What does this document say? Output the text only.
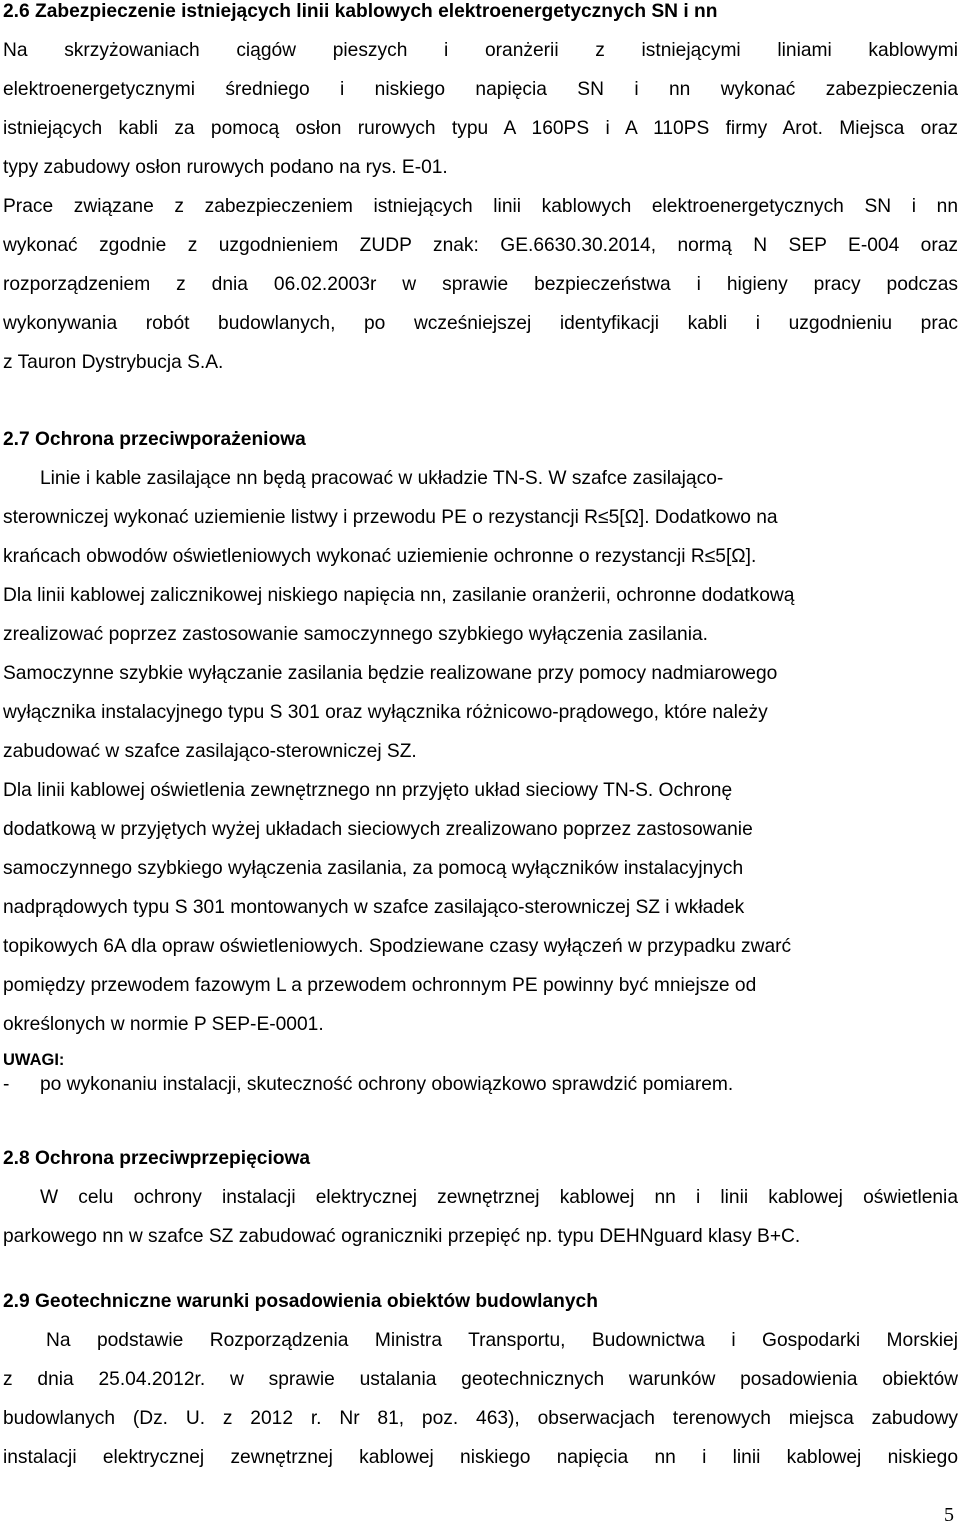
2.6 Zabezpieczenie istniejących linii kablowych elektroenergetycznych SN i nn
Na skrzyżowaniach ciągów pieszych i oranżerii z istniejącymi liniami kablowymi
elektroenergetycznymi średniego i niskiego napięcia SN i nn wykonać zabezpieczenia
istniejących kabli za pomocą osłon rurowych typu A 160PS i A 110PS firmy Arot. Miejsca oraz
typy zabudowy osłon rurowych podano na rys. E-01.
Prace związane z zabezpieczeniem istniejących linii kablowych elektroenergetycznych SN i nn
wykonać zgodnie z uzgodnieniem ZUDP znak: GE.6630.30.2014, normą N SEP E-004 oraz
rozporządzeniem z dnia 06.02.2003r w sprawie bezpieczeństwa i higieny pracy podczas
wykonywania robót budowlanych, po wcześniejszej identyfikacji kabli i uzgodnieniu prac
z Tauron Dystrybucja S.A.
2.7 Ochrona przeciwporażeniowa
Linie i kable zasilające nn będą pracować w układzie TN-S. W szafce zasilająco-
sterowniczej wykonać uziemienie listwy i przewodu PE o rezystancji R≤5[Ω]. Dodatkowo na
krańcach obwodów oświetleniowych wykonać uziemienie ochronne o rezystancji R≤5[Ω].
Dla linii kablowej zalicznikowej niskiego napięcia nn, zasilanie oranżerii, ochronne dodatkową
zrealizować poprzez zastosowanie samoczynnego szybkiego wyłączenia zasilania.
Samoczynne szybkie wyłączanie zasilania będzie realizowane przy pomocy nadmiarowego
wyłącznika instalacyjnego typu S 301 oraz wyłącznika różnicowo-prądowego, które należy
zabudować w szafce zasilająco-sterowniczej SZ.
Dla linii kablowej oświetlenia zewnętrznego nn przyjęto układ sieciowy TN-S. Ochronę
dodatkową w przyjętych wyżej układach sieciowych zrealizowano poprzez zastosowanie
samoczynnego szybkiego wyłączenia zasilania, za pomocą wyłączników instalacyjnych
nadprądowych typu S 301 montowanych w szafce zasilająco-sterowniczej SZ i wkładek
topikowych 6A dla opraw oświetleniowych. Spodziewane czasy wyłączeń w przypadku zwarć
pomiędzy przewodem fazowym L a przewodem ochronnym PE powinny być mniejsze od
określonych w normie P SEP-E-0001.
UWAGI:
- po wykonaniu instalacji, skuteczność ochrony obowiązkowo sprawdzić pomiarem.
2.8 Ochrona przeciwprzepięciowa
W celu ochrony instalacji elektrycznej zewnętrznej kablowej nn i linii kablowej oświetlenia
parkowego nn w szafce SZ zabudować ograniczniki przepięć np. typu DEHNguard klasy B+C.
2.9 Geotechniczne warunki posadowienia obiektów budowlanych
Na podstawie Rozporządzenia Ministra Transportu, Budownictwa i Gospodarki Morskiej
z dnia 25.04.2012r. w sprawie ustalania geotechnicznych warunków posadowienia obiektów
budowlanych (Dz. U. z 2012 r. Nr 81, poz. 463), obserwacjach terenowych miejsca zabudowy
instalacji elektrycznej zewnętrznej kablowej niskiego napięcia nn i linii kablowej niskiego
5
